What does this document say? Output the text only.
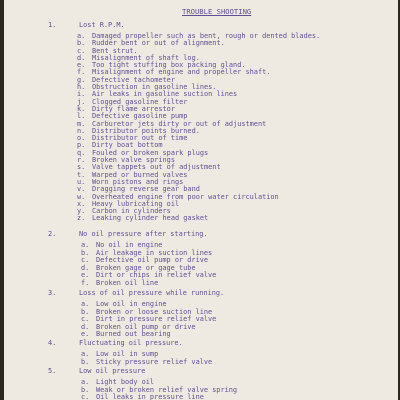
TROUBLE SHOOTING
1.	Lost R.P.M.
a. Damaged propeller such as bent, rough or dented blades.
b. Rudder bent or out of alignment.
c. Bent strut.
d. Misalignment of shaft log.
e. Too tight stuffing box packing gland.
f. Misalignment of engine and propeller shaft.
g. Defective tachometer
h. Obstruction in gasoline lines.
i. Air leaks in gasoline suction lines
j. Clogged gasoline filter
k. Dirty flame arrestor
l. Defective gasoline pump
m. Carburetor jets dirty or out of adjustment
n. Distributor points burned.
o. Distributor out of time
p. Dirty boat bottom
q. Fouled or broken spark plugs
r. Broken valve springs
s. Valve tappets out of adjustment
t. Warped or burned valves
u. Worn pistons and rings
v. Dragging reverse gear band
w. Overheated engine from poor water circulation
x. Heavy lubricating oil
y. Carbon in cylinders
z. Leaking cylinder head gasket
2.	No oil pressure after starting.
a. No oil in engine
b. Air leakage in suction lines
c. Defective oil pump or drive
d. Broken gage or gage tube
e. Dirt or chips in relief valve
f. Broken oil line
3.	Loss of oil pressure while running.
a. Low oil in engine
b. Broken or loose suction line
c. Dirt in pressure relief valve
d. Broken oil pump or drive
e. Burned out bearing
4.	Fluctuating oil pressure.
a. Low oil in sump
b. Sticky pressure relief valve
5.	Low oil pressure
a. Light body oil
b. Weak or broken relief valve spring
c. Oil leaks in pressure line
